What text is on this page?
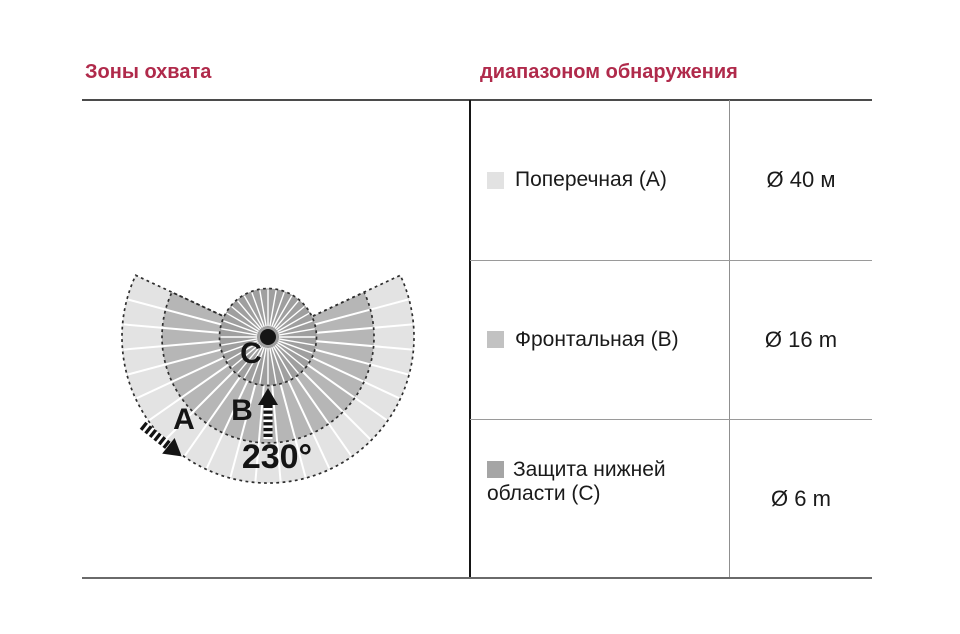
Зоны охвата	диапазоном обнаружения
C
B
A
230°
Поперечная (А)	Ø 40 м
Фронтальная (В)	Ø 16 m
Защита нижней области (С)	Ø 6 m
